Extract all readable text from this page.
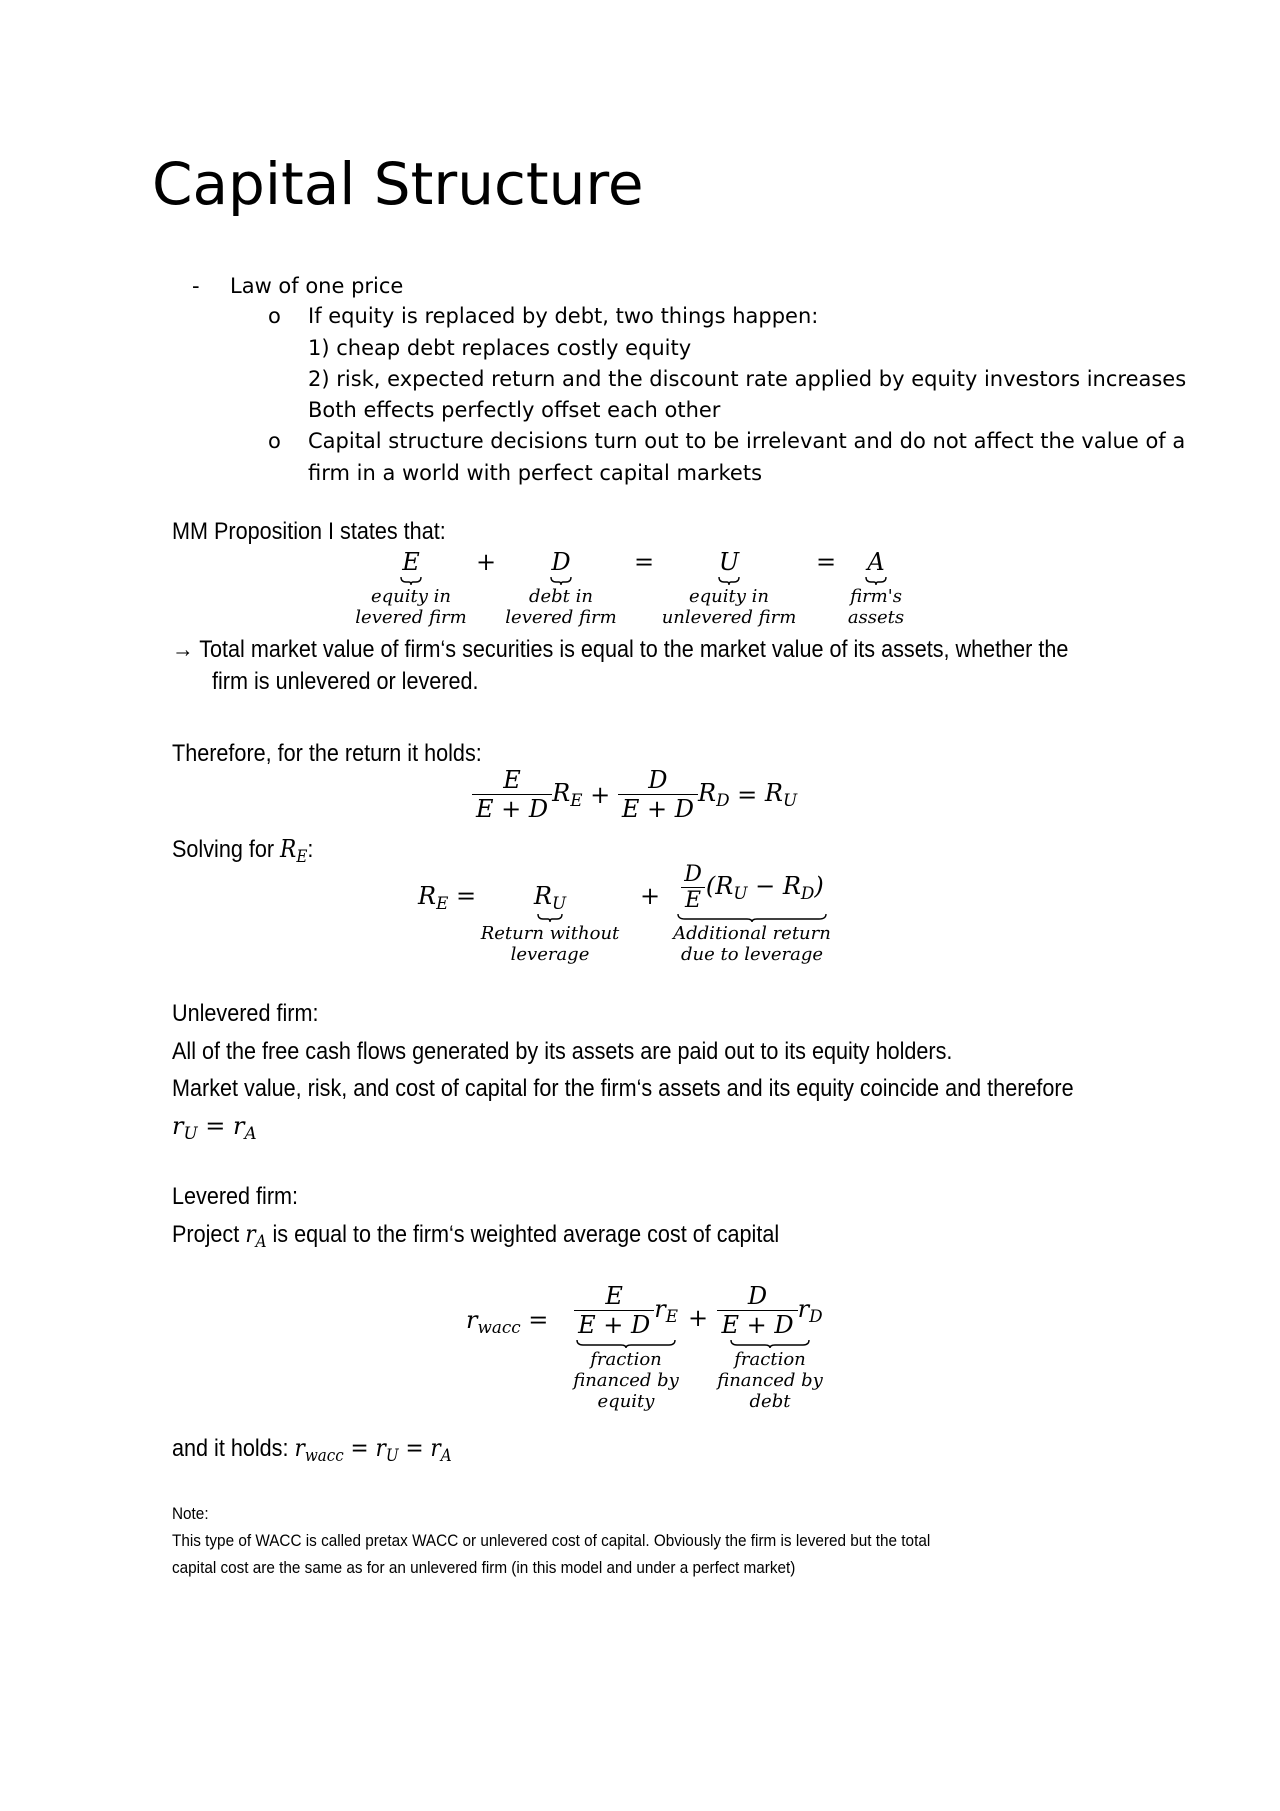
Capital Structure
- Law of one price
o If equity is replaced by debt, two things happen:
1) cheap debt replaces costly equity
2) risk, expected return and the discount rate applied by equity investors increases
Both effects perfectly offset each other
o Capital structure decisions turn out to be irrelevant and do not affect the value of a
firm in a world with perfect capital markets
MM Proposition I states that:
E
equity in
levered firm
+ D
debt in
levered firm
=	U
equity in
unlevered firm
= A
firm's
assets
→ Total market value of firm‘s securities is equal to the market value of its assets, whether the
firm is unlevered or levered.
Therefore, for the return it holds:
$\frac{E}{E + D} R_E + \frac{D}{E + D} R_D = R_U$
Solving for $R_E$:
$R_E = R_U$
Return without
leverage
+ $\frac{D}{E} (R_U - R_D)$
Additional return
due to leverage
Unlevered firm:
All of the free cash flows generated by its assets are paid out to its equity holders.
Market value, risk, and cost of capital for the firm‘s assets and its equity coincide and therefore
$r_U = r_A$
Levered firm:
Project $r_A$ is equal to the firm‘s weighted average cost of capital
$r_{wacc} = \frac{E}{E + D} r_E$
fraction
financed by
equity
+ $\frac{D}{E + D} r_D$
fraction
financed by
debt
and it holds: $r_{wacc} = r_U = r_A$
Note:
This type of WACC is called pretax WACC or unlevered cost of capital. Obviously the firm is levered but the total
capital cost are the same as for an unlevered firm (in this model and under a perfect market)
